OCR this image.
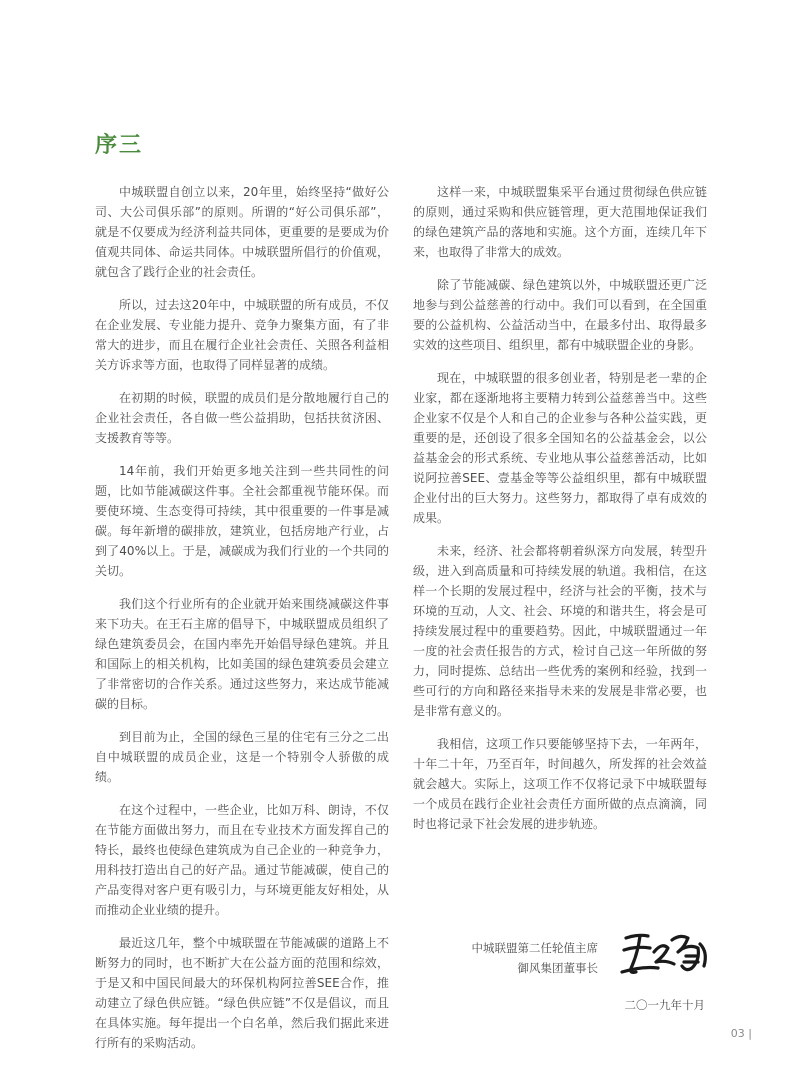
序三

中城联盟自创立以来，20年里，始终坚持“做好公司、大公司俱乐部”的原则。所谓的“好公司俱乐部”，就是不仅要成为经济利益共同体，更重要的是要成为价值观共同体、命运共同体。中城联盟所倡行的价值观，就包含了践行企业的社会责任。

所以，过去这20年中，中城联盟的所有成员，不仅在企业发展、专业能力提升、竞争力聚集方面，有了非常大的进步，而且在履行企业社会责任、关照各利益相关方诉求等方面，也取得了同样显著的成绩。

在初期的时候，联盟的成员们是分散地履行自己的企业社会责任，各自做一些公益捐助，包括扶贫济困、支援教育等等。

14年前，我们开始更多地关注到一些共同性的问题，比如节能减碳这件事。全社会都重视节能环保。而要使环境、生态变得可持续，其中很重要的一件事是减碳。每年新增的碳排放，建筑业，包括房地产行业，占到了40%以上。于是，减碳成为我们行业的一个共同的关切。

我们这个行业所有的企业就开始来围绕减碳这件事来下功夫。在王石主席的倡导下，中城联盟成员组织了绿色建筑委员会，在国内率先开始倡导绿色建筑。并且和国际上的相关机构，比如美国的绿色建筑委员会建立了非常密切的合作关系。通过这些努力，来达成节能减碳的目标。

到目前为止，全国的绿色三星的住宅有三分之二出自中城联盟的成员企业，这是一个特别令人骄傲的成绩。

在这个过程中，一些企业，比如万科、朗诗，不仅在节能方面做出努力，而且在专业技术方面发挥自己的特长，最终也使绿色建筑成为自己企业的一种竞争力，用科技打造出自己的好产品。通过节能减碳，使自己的产品变得对客户更有吸引力，与环境更能友好相处，从而推动企业业绩的提升。

最近这几年，整个中城联盟在节能减碳的道路上不断努力的同时，也不断扩大在公益方面的范围和综效，于是又和中国民间最大的环保机构阿拉善SEE合作，推动建立了绿色供应链。“绿色供应链”不仅是倡议，而且在具体实施。每年提出一个白名单，然后我们据此来进行所有的采购活动。

这样一来，中城联盟集采平台通过贯彻绿色供应链的原则，通过采购和供应链管理，更大范围地保证我们的绿色建筑产品的落地和实施。这个方面，连续几年下来，也取得了非常大的成效。

除了节能减碳、绿色建筑以外，中城联盟还更广泛地参与到公益慈善的行动中。我们可以看到，在全国重要的公益机构、公益活动当中，在最多付出、取得最多实效的这些项目、组织里，都有中城联盟企业的身影。

现在，中城联盟的很多创业者，特别是老一辈的企业家，都在逐渐地将主要精力转到公益慈善当中。这些企业家不仅是个人和自己的企业参与各种公益实践，更重要的是，还创设了很多全国知名的公益基金会，以公益基金会的形式系统、专业地从事公益慈善活动，比如说阿拉善SEE、壹基金等等公益组织里，都有中城联盟企业付出的巨大努力。这些努力，都取得了卓有成效的成果。

未来，经济、社会都将朝着纵深方向发展，转型升级，进入到高质量和可持续发展的轨道。我相信，在这样一个长期的发展过程中，经济与社会的平衡，技术与环境的互动，人文、社会、环境的和谐共生，将会是可持续发展过程中的重要趋势。因此，中城联盟通过一年一度的社会责任报告的方式，检讨自己这一年所做的努力，同时提炼、总结出一些优秀的案例和经验，找到一些可行的方向和路径来指导未来的发展是非常必要，也是非常有意义的。

我相信，这项工作只要能够坚持下去，一年两年，十年二十年，乃至百年，时间越久，所发挥的社会效益就会越大。实际上，这项工作不仅将记录下中城联盟每一个成员在践行企业社会责任方面所做的点点滴滴，同时也将记录下社会发展的进步轨迹。

中城联盟第二任轮值主席
御风集团董事长
二〇一九年十月
03 |
